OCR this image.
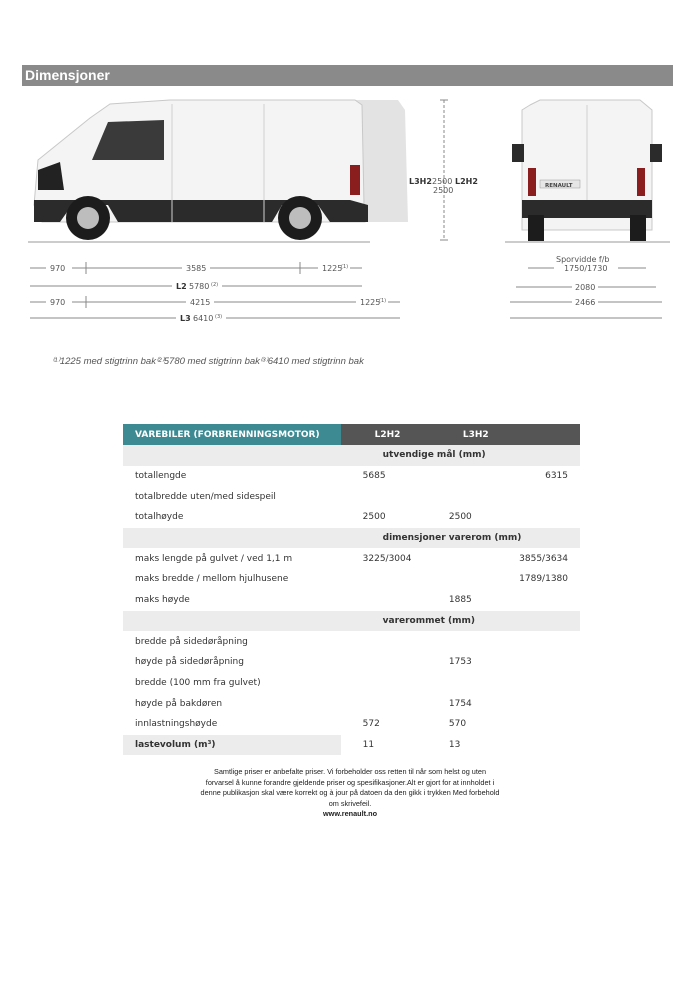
Dimensjoner
L3H2 2500 L2H2
2500
970	3585	1225
(1)
L2 5780 (2)
970	4215	1225
(1)
L3 6410 (3)
RENAULT
Sporvidde f/b
1750/1730
2080
2466
⁽¹⁾1225 med stigtrinn bak⁽²⁾5780 med stigtrinn bak⁽³⁾6410 med stigtrinn bak
VAREBILER (FORBRENNINGSMOTOR)	L2H2	L3H2	
	utvendige mål (mm)		
totallengde	5685		6315
totalbredde uten/med sidespeil			
totalhøyde	2500	2500	
	dimensjoner varerom (mm)		
maks lengde på gulvet / ved 1,1 m	3225/3004		3855/3634
maks bredde / mellom hjulhusene			1789/1380
maks høyde		1885	
	varerommet (mm)		
bredde på sidedøråpning			
høyde på sidedøråpning		1753	
bredde (100 mm fra gulvet)			
høyde på bakdøren		1754	
innlastningshøyde	572	570	
lastevolum (m³)	11	13	
Samtlige priser er anbefalte priser. Vi forbeholder oss retten til når som helst og uten forvarsel å kunne forandre gjeldende priser og spesifikasjoner.Alt er gjort for at innholdet i denne publikasjon skal være korrekt og à jour på datoen da den gikk i trykken Med forbehold om skrivefeil.
www.renault.no
